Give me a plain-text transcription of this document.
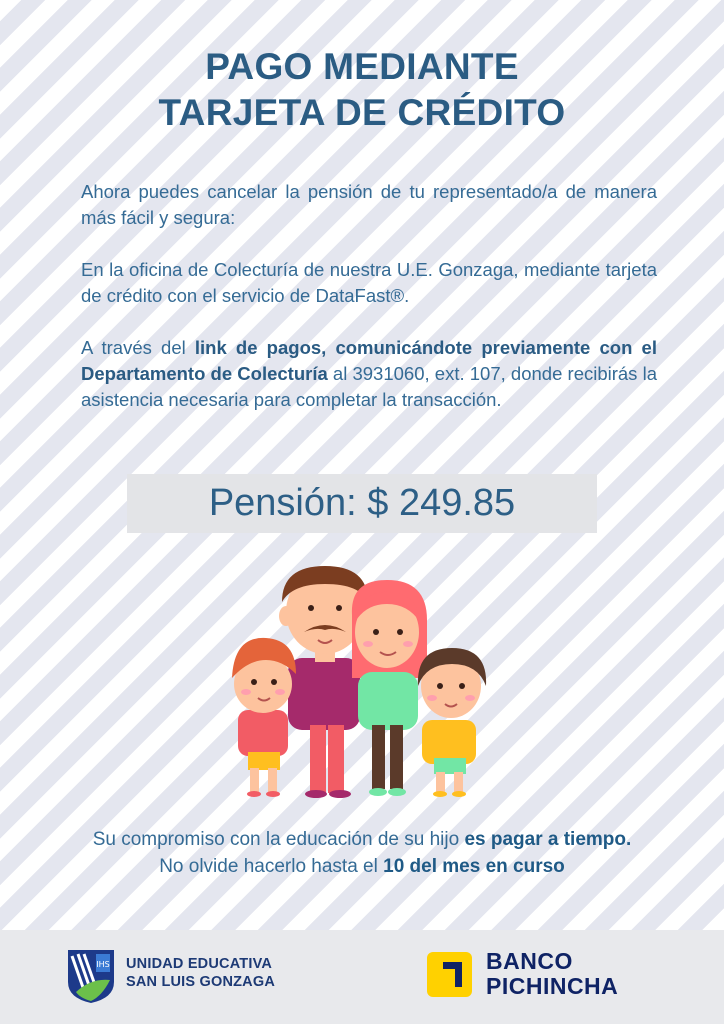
PAGO MEDIANTE
TARJETA DE CRÉDITO
Ahora puedes cancelar la pensión de tu representado/a de manera más fácil y segura:
En la oficina de Colecturía de nuestra U.E. Gonzaga, mediante tarjeta de crédito con el servicio de DataFast®.
A través del link de pagos, comunicándote previamente con el Departamento de Colecturía al 3931060, ext. 107, donde recibirás la asistencia necesaria para completar la transacción.
Pensión: $ 249.85
Su compromiso con la educación de su hijo es pagar a tiempo.
No olvide hacerlo hasta el 10 del mes en curso
IHS UNIDAD EDUCATIVA
SAN LUIS GONZAGA
BANCO
PICHINCHA
